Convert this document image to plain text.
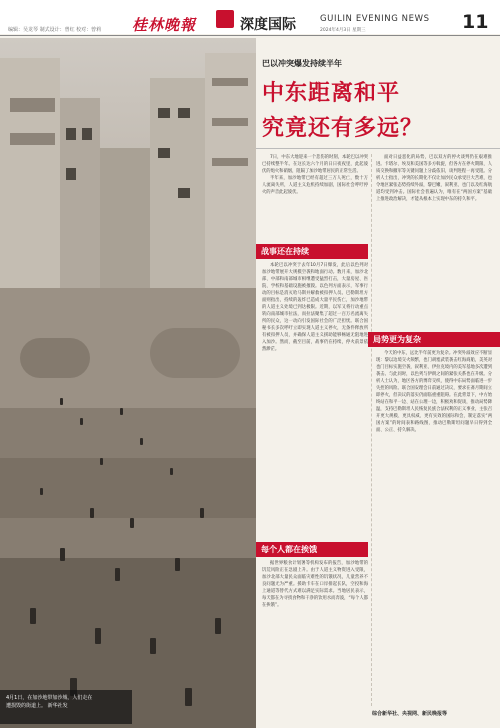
编辑：吴龙琴 制式设计：曾红 校对：曾莉 桂林晚報	深度国际	GUILIN EVENING NEWS
2024年4月3日 星期三	11
4月1日，在加沙地带加沙城，人们走在
遭损毁的街道上。 新华社发
巴以冲突爆发持续半年
中东距离和平
究竟还有多远？

7日，中东大地迎来一个悲伤的时刻，本轮巴以冲突已持续整半年。在这长达六个月的日日夜夜里，此起彼伏的炮火和硝烟，阻隔了加沙地带居民的正常生活。

半年来，加沙地带已经有超过三万人死亡，数十万人流离失所，人道主义危机持续加剧，国际社会呼吁停火的声音此起彼伏。

面对日益恶化的局势，巴以双方的停火谈判仍在艰难推进。卡塔尔、埃及和美国等多方斡旋，但各方在停火期限、人质交换和撤军等关键问题上分歧依旧，谈判进程一再受阻。分析人士指出，冲突的长期化不仅让加沙民众承受巨大苦难，也令地区紧张态势持续外溢，黎巴嫩、叙利亚、也门以及红海航道均受到冲击。国际社会普遍认为，唯有在“两国方案”基础上推进政治解决，才能从根本上实现中东的持久和平。

战事还在持续

本轮巴以冲突于去年10月7日爆发，此后以色列对加沙地带展开大规模空袭和地面行动。数月来，加沙北部、中部和南部城市相继遭受猛烈打击，大量房屋、医院、学校和基础设施被摧毁。以色列方面表示，军事行动的目标是消灭哈马斯并解救被扣押人员。巴勒斯坦方面则指出，持续的轰炸已造成大量平民伤亡，加沙地带的人道主义处境已到达极限。近期，以军又将行动重点转向南部城市拉法，而拉法聚集了超过一百万名流离失所的民众，这一动向引发国际社会的广泛担忧。联合国秘书长多次呼吁立即实现人道主义停火，无条件释放所有被扣押人员，并确保人道主义援助能够畅通无阻地进入加沙。然而，截至目前，战事仍在持续，停火前景依然渺茫。

局势更为复杂

今天的中东，远比半年前更为复杂。冲突外溢效应不断显现：黎以边境交火频繁，也门胡塞武装袭击红海商船，美英对也门目标实施空袭，叙利亚、伊拉克境内的美军基地多次遭到袭击。与此同时，以色列与伊朗之间的紧张关系也在升级。分析人士认为，地区各方的博弈交织，使得中东局势面临进一步失控的风险。联合国安理会日前通过决议，要求在斋月期间立即停火，但决议的落实仍面临重重阻碍。在此背景下，中方始终站在和平一边、站在公理一边，积极劝和促谈，推动局势降温，支持巴勒斯坦人民恢复民族合法权利的正义事业，主张召开更大规模、更具权威、更有实效的国际和会，制定落实“两国方案”的时间表和路线图，推动巴勒斯坦问题早日得到全面、公正、持久解决。

每个人都在挨饿

据世界粮食计划署等机构发布的报告，加沙地带的饥荒风险正在急剧上升。由于人道主义物资进入受限，加沙北部大量民众面临灾难性的饥饿状况，儿童营养不良问题尤为严重。援助卡车在口岸排起长队，空投和海上通道等替代方式难以满足实际需求。当地居民表示，每天都在为寻找食物和干净的饮用水而奔波，“每个人都在挨饿”。

综合新华社、央视网、新民晚报等
